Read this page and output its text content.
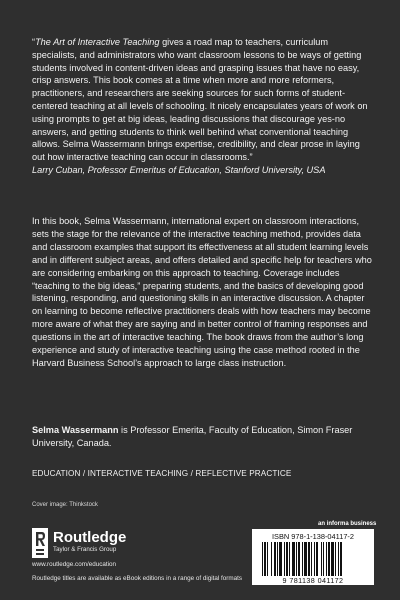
“The Art of Interactive Teaching gives a road map to teachers, curriculum specialists, and administrators who want classroom lessons to be ways of getting students involved in content-driven ideas and grasping issues that have no easy, crisp answers. This book comes at a time when more and more reformers, practitioners, and researchers are seeking sources for such forms of student-centered teaching at all levels of schooling. It nicely encapsulates years of work on using prompts to get at big ideas, leading discussions that discourage yes-no answers, and getting students to think well behind what conventional teaching allows. Selma Wassermann brings expertise, credibility, and clear prose in laying out how interactive teaching can occur in classrooms.”
Larry Cuban, Professor Emeritus of Education, Stanford University, USA

In this book, Selma Wassermann, international expert on classroom interactions, sets the stage for the relevance of the interactive teaching method, provides data and classroom examples that support its effectiveness at all student learning levels and in different subject areas, and offers detailed and specific help for teachers who are considering embarking on this approach to teaching. Coverage includes “teaching to the big ideas,” preparing students, and the basics of developing good listening, responding, and questioning skills in an interactive discussion. A chapter on learning to become reflective practitioners deals with how teachers may become more aware of what they are saying and in better control of framing responses and questions in the art of interactive teaching. The book draws from the author’s long experience and study of interactive teaching using the case method rooted in the Harvard Business School’s approach to large class instruction.

Selma Wassermann is Professor Emerita, Faculty of Education, Simon Fraser University, Canada.

EDUCATION / INTERACTIVE TEACHING / REFLECTIVE PRACTICE
Cover image: Thinkstock
Routledge
Taylor & Francis Group
www.routledge.com/education
Routledge titles are available as eBook editions in a range of digital formats
an informa business
ISBN 978-1-138-04117-2
9 781138 041172
